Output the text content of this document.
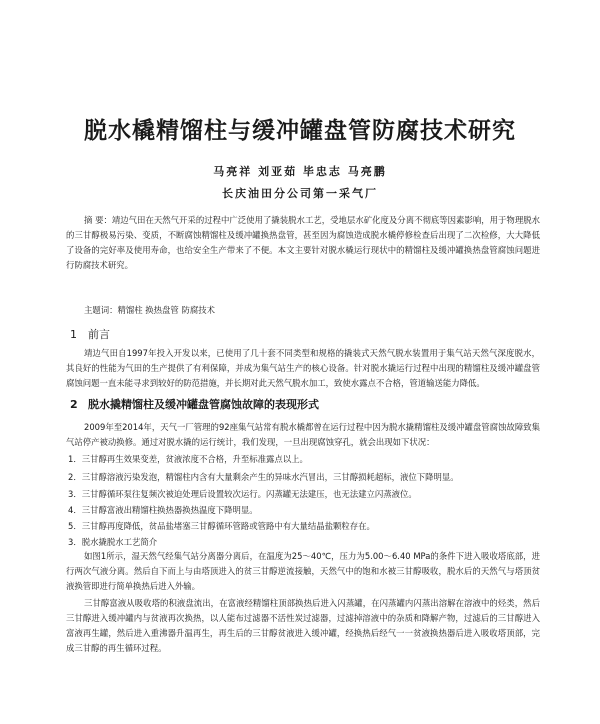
脱水橇精馏柱与缓冲罐盘管防腐技术研究
马亮祥 刘亚茹 毕忠志 马亮鹏
长庆油田分公司第一采气厂

摘 要：靖边气田在天然气开采的过程中广泛使用了撬装脱水工艺，受地层水矿化度及分离不彻底等因素影响，用于物理脱水的三甘醇极易污染、变质，不断腐蚀精馏柱及缓冲罐换热盘管，甚至因为腐蚀造成脱水橇停修检查后出现了二次检修，大大降低了设备的完好率及使用寿命，也给安全生产带来了不便。本文主要针对脱水橇运行现状中的精馏柱及缓冲罐换热盘管腐蚀问题进行防腐技术研究。

主题词：精馏柱 换热盘管 防腐技术

1 前言

靖边气田自1997年投入开发以来，已使用了几十套不同类型和规格的撬装式天然气脱水装置用于集气站天然气深度脱水，其良好的性能为气田的生产提供了有利保障，并成为集气站生产的核心设备。针对脱水撬运行过程中出现的精馏柱及缓冲罐盘管腐蚀问题一直未能寻求到较好的防范措施，并长期对此天然气脱水加工，致使水露点不合格，管道输送能力降低。

2 脱水撬精馏柱及缓冲罐盘管腐蚀故障的表现形式

2009年至2014年，天气一厂管理的92座集气站常有脱水橇都曾在运行过程中因为脱水撬精馏柱及缓冲罐盘管腐蚀故障致集气站停产被动换修。通过对脱水撬的运行统计，我们发现，一旦出现腐蚀穿孔，就会出现如下状况：

1．三甘醇再生效果变差，贫液浓度不合格，升至标准露点以上。

2．三甘醇溶液污染发泡，精馏柱内含有大量剩余产生的异味水汽冒出，三甘醇损耗超标，液位下降明显。

3．三甘醇循环泵往复频次被迫处理后设置较次运行。闪蒸罐无法建压，也无法建立闪蒸液位。

4．三甘醇富液出精馏柱换热器换热温度下降明显。

5．三甘醇再度降低，贫品盐堵塞三甘醇循环管路或管路中有大量结晶盐颗粒存在。

3．脱水撬脱水工艺简介

如图1所示，湿天然气经集气站分离器分离后，在温度为25～40℃，压力为5.00～6.40 MPa的条件下进入吸收塔底部，进行两次气液分离。然后自下而上与由塔顶进入的贫三甘醇逆流接触，天然气中的饱和水被三甘醇吸收，脱水后的天然气与塔顶贫液换管即进行简单换热后进入外输。

三甘醇富液从吸收塔的积液盘流出，在富液经精馏柱顶部换热后进入闪蒸罐，在闪蒸罐内闪蒸出溶解在溶液中的烃类，然后三甘醇进入缓冲罐内与贫液再次换热，以人能布过滤器不活性炭过滤器，过滤掉溶液中的杂质和降解产物，过滤后的三甘醇进入富液再生罐，然后进入重沸器升温再生，再生后的三甘醇贫液进入缓冲罐，经换热后经气一一贫液换热器后进入吸收塔顶部，完成三甘醇的再生循环过程。
